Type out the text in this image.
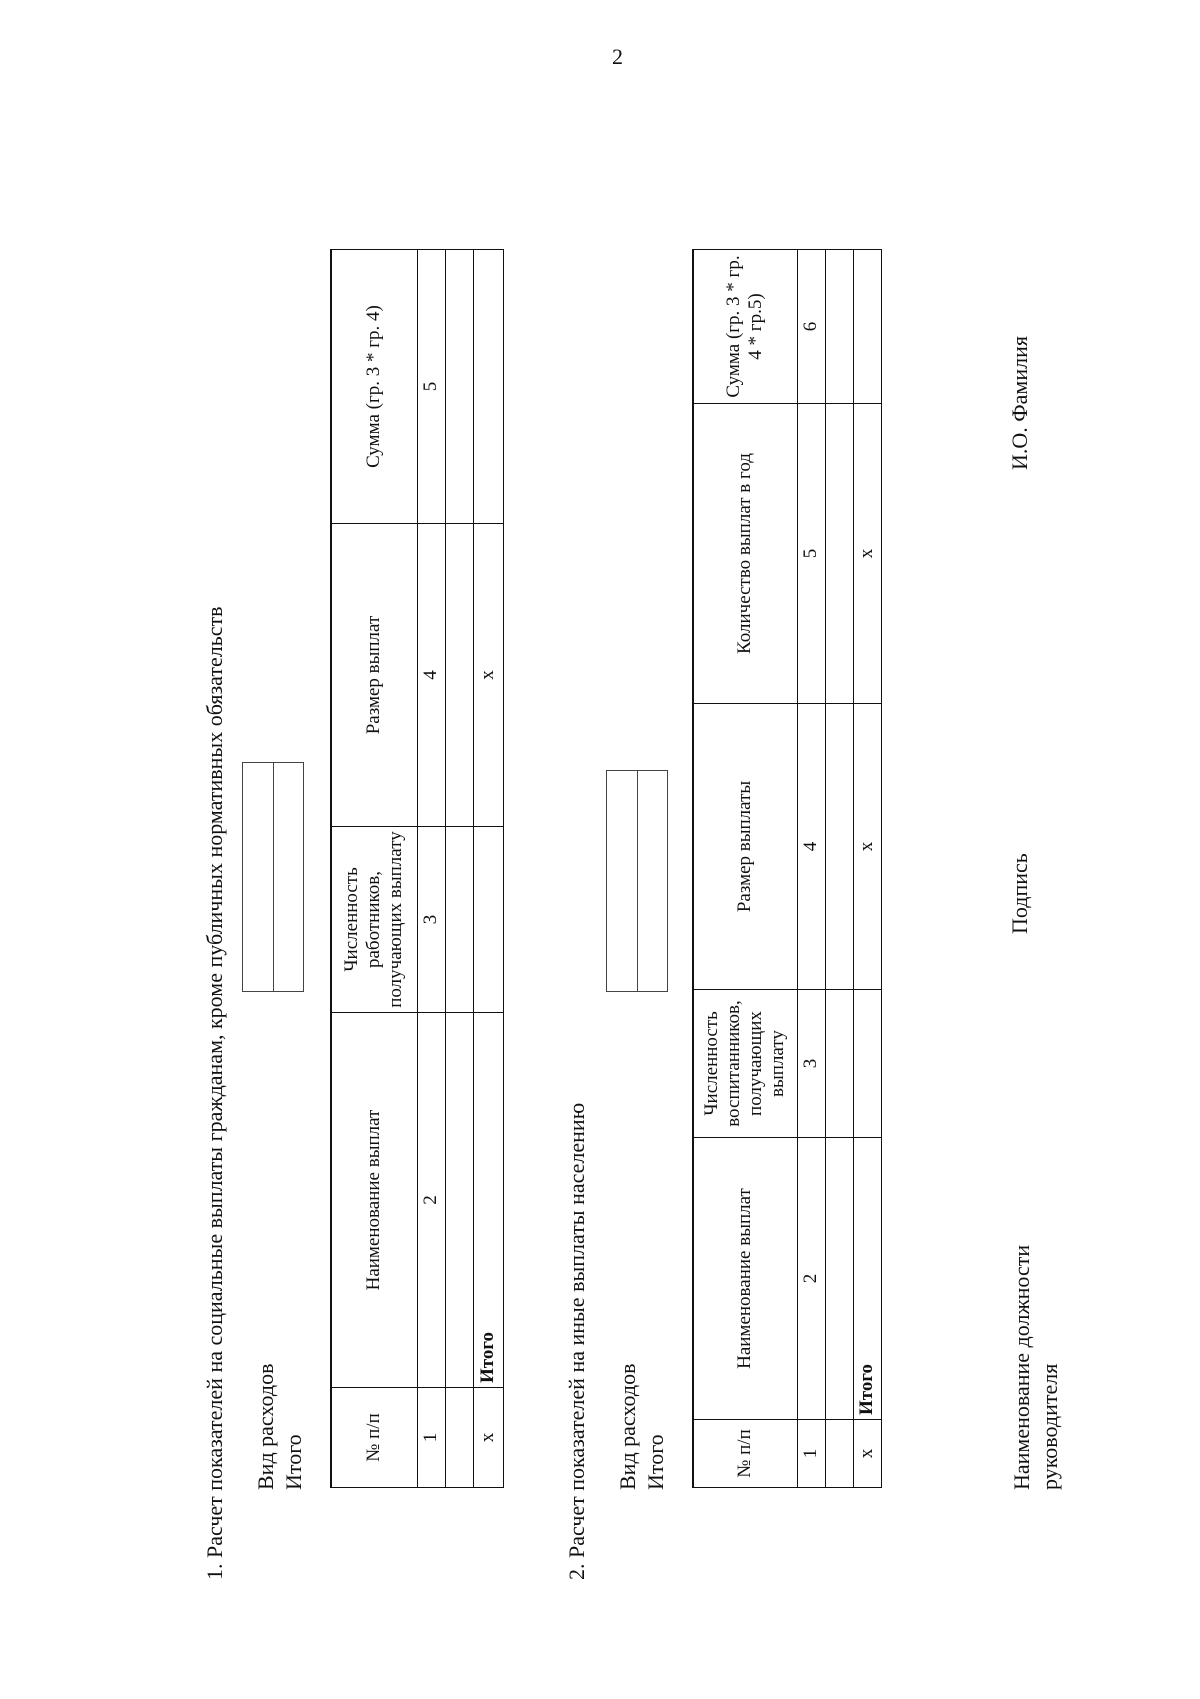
2
1. Расчет показателей на социальные выплаты гражданам, кроме публичных нормативных обязательств Вид расходов Итого	№ п/п	Наименование выплат	Численность работников, получающих выплату	Размер выплат	Сумма (гр. 3 * гр. 4)
1	2	3	4	5

х	Итого		х	
2. Расчет показателей на иные выплаты населению Вид расходов Итого	№ п/п	Наименование выплат	Численность воспитанников, получающих выплату	Размер выплаты	Количество выплат в год	Сумма (гр. 3 * гр. 4 * гр.5)
1	2	3	4	5	6

х	Итого		х	х	
Наименование должности руководителя
Подпись
И.О. Фамилия
